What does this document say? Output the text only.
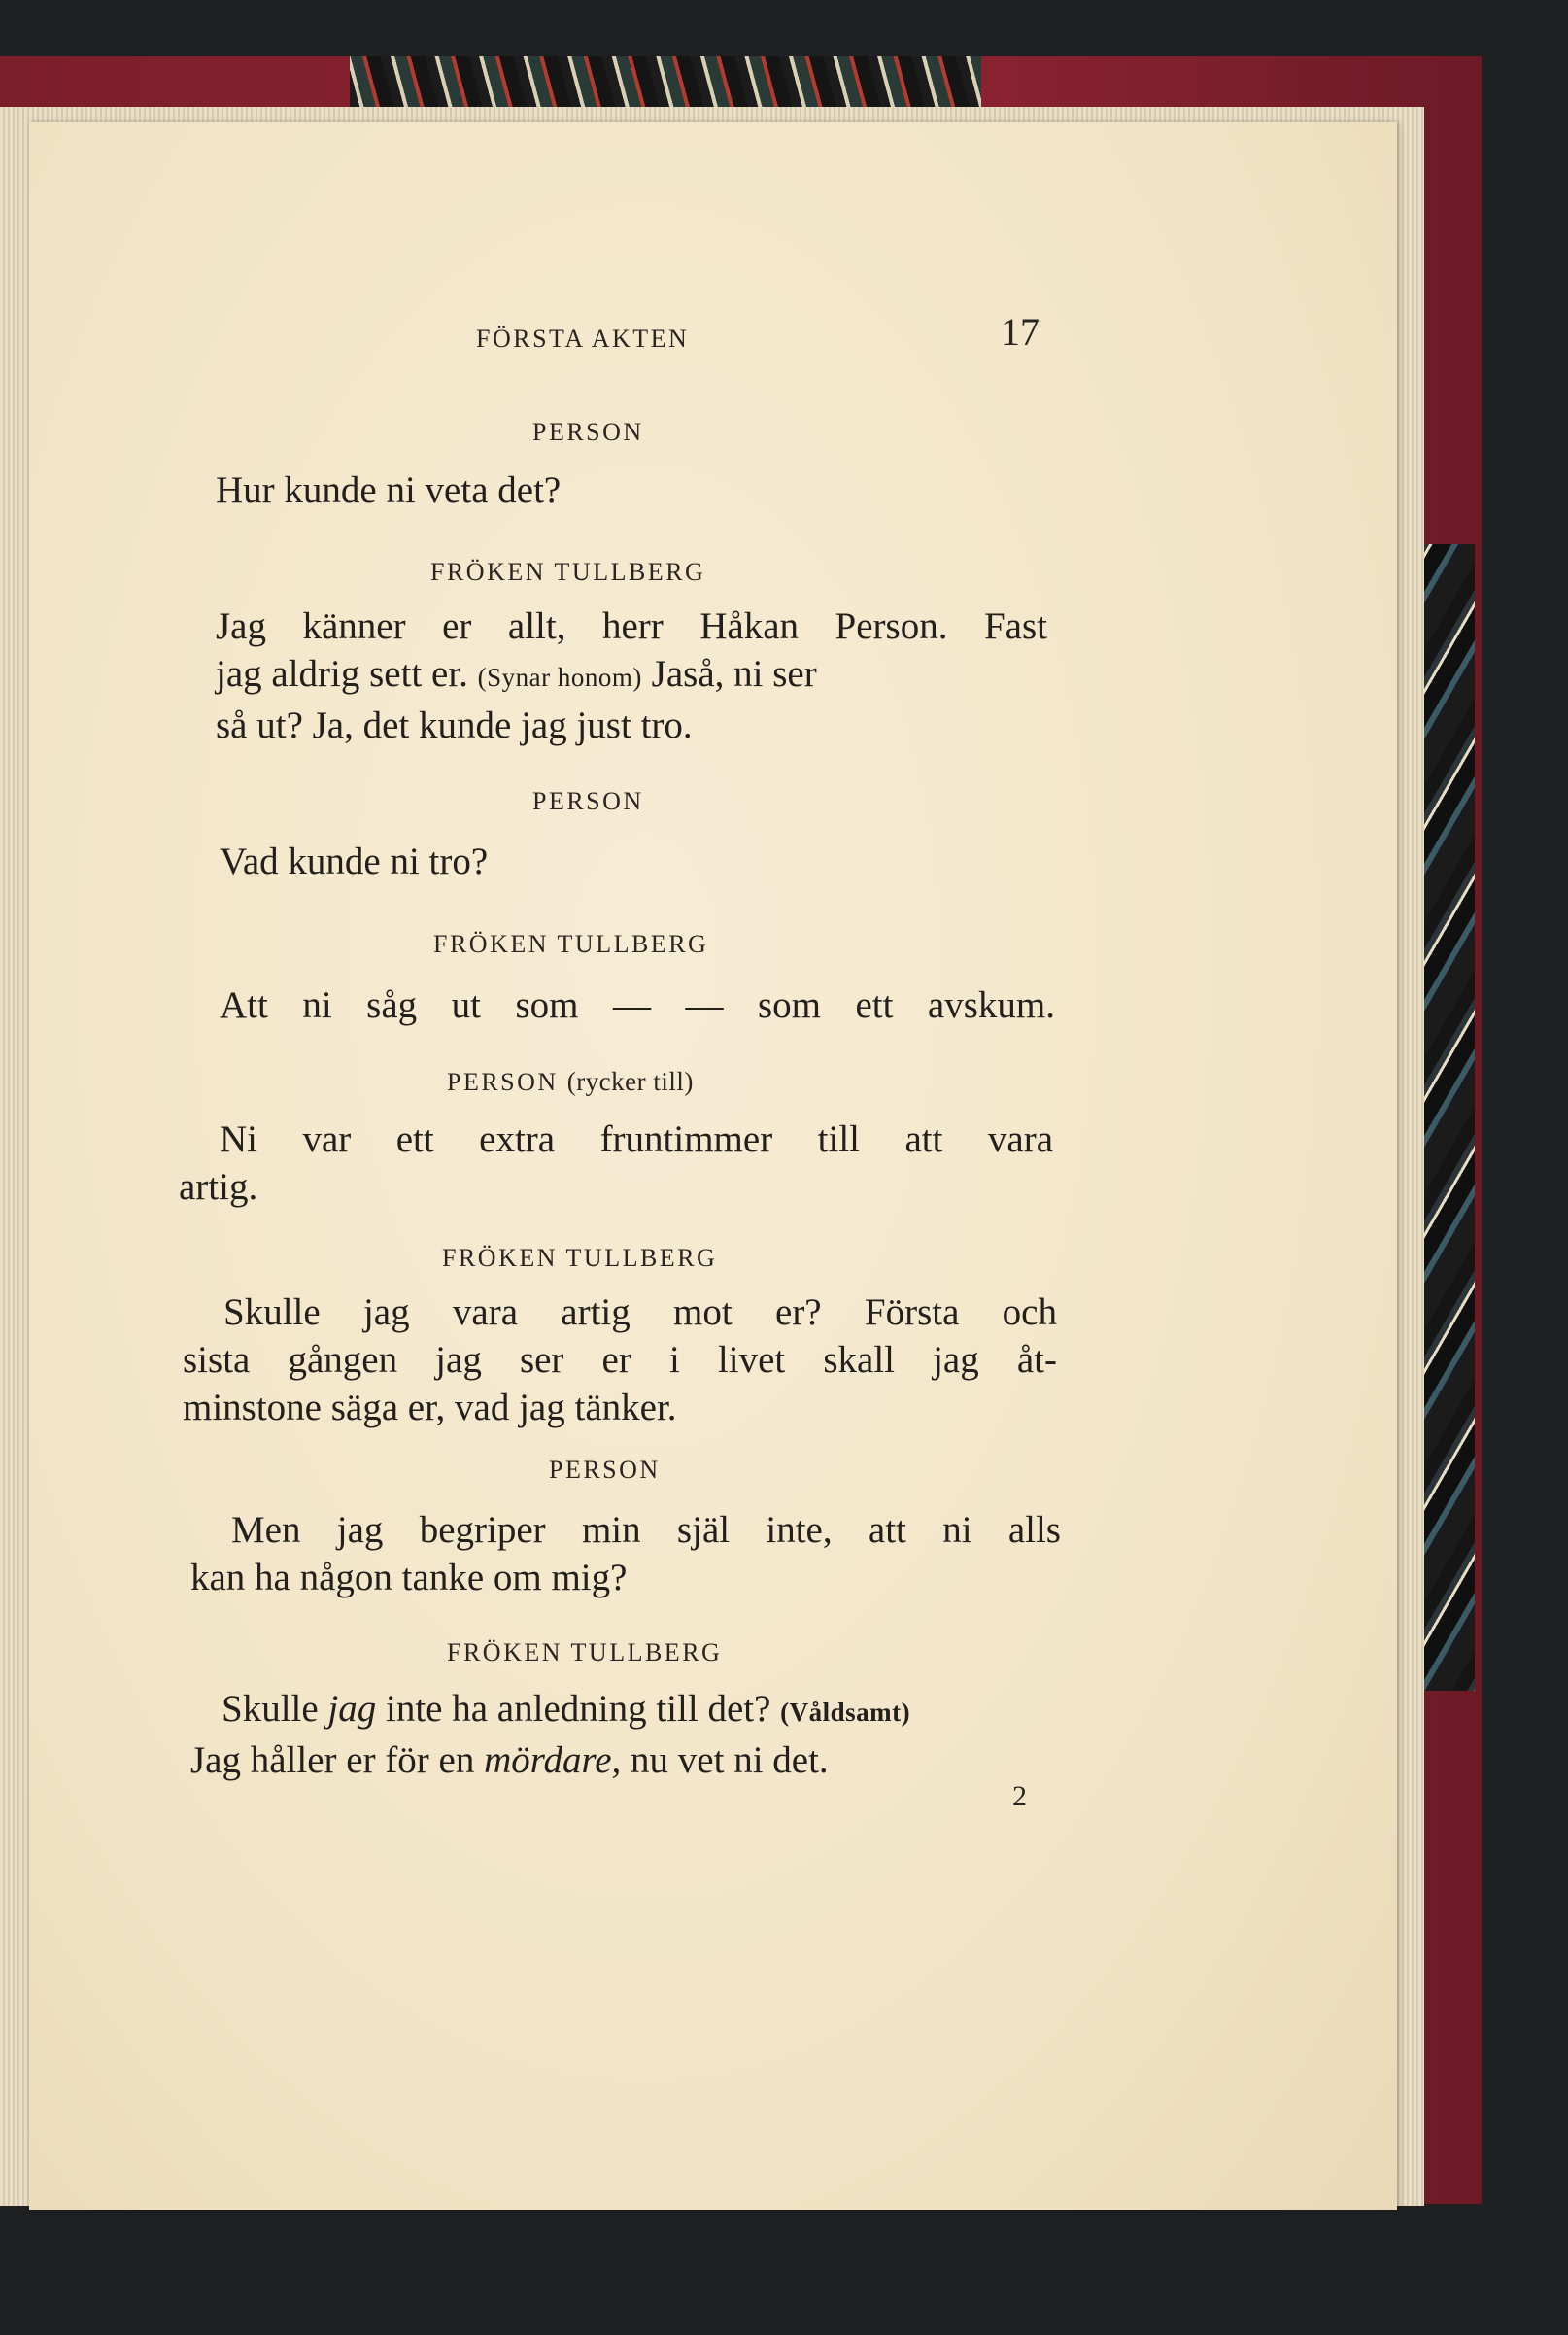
FÖRSTA AKTEN	17
PERSON
Hur kunde ni veta det?
FRÖKEN TULLBERG
Jag känner er allt, herr Håkan Person. Fast
jag aldrig sett er. (Synar honom) Jaså, ni ser
så ut? Ja, det kunde jag just tro.
PERSON
Vad kunde ni tro?
FRÖKEN TULLBERG
Att ni såg ut som — — som ett avskum.
PERSON (rycker till)
Ni var ett extra fruntimmer till att vara
artig.
FRÖKEN TULLBERG
Skulle jag vara artig mot er? Första och
sista gången jag ser er i livet skall jag åt-
minstone säga er, vad jag tänker.
PERSON
Men jag begriper min själ inte, att ni alls
kan ha någon tanke om mig?
FRÖKEN TULLBERG
Skulle jag inte ha anledning till det? (Våldsamt)
Jag håller er för en mördare, nu vet ni det.
2
